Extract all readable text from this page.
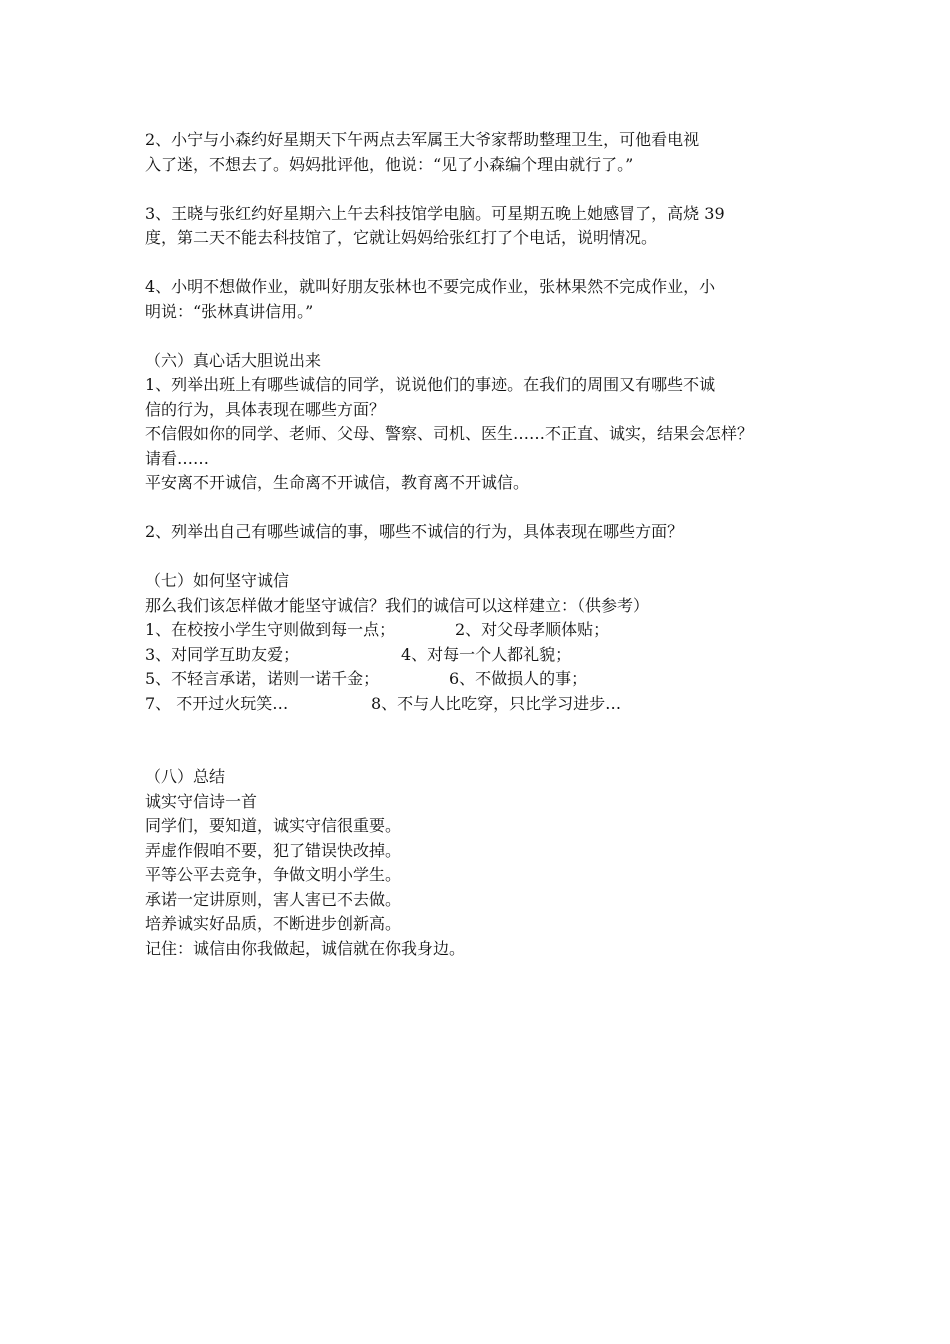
2、小宁与小森约好星期天下午两点去军属王大爷家帮助整理卫生，可他看电视

入了迷，不想去了。妈妈批评他，他说：“见了小森编个理由就行了。”

3、王晓与张红约好星期六上午去科技馆学电脑。可星期五晚上她感冒了，高烧 39

度，第二天不能去科技馆了，它就让妈妈给张红打了个电话，说明情况。

4、小明不想做作业，就叫好朋友张林也不要完成作业，张林果然不完成作业，小

明说：“张林真讲信用。”

（六）真心话大胆说出来

1、列举出班上有哪些诚信的同学，说说他们的事迹。在我们的周围又有哪些不诚

信的行为，具体表现在哪些方面？

不信假如你的同学、老师、父母、警察、司机、医生……不正直、诚实，结果会怎样？

请看……

平安离不开诚信，生命离不开诚信，教育离不开诚信。

2、列举出自己有哪些诚信的事，哪些不诚信的行为，具体表现在哪些方面？

（七）如何坚守诚信

那么我们该怎样做才能坚守诚信？我们的诚信可以这样建立：（供参考）

1、在校按小学生守则做到每一点；	2、对父母孝顺体贴；
3、对同学互助友爱；	4、对每一个人都礼貌；
5、不轻言承诺，诺则一诺千金；	6、不做损人的事；
7、 不开过火玩笑…	8、不与人比吃穿，只比学习进步…

（八）总结

诚实守信诗一首

同学们，要知道，诚实守信很重要。

弄虚作假咱不要，犯了错误快改掉。

平等公平去竞争，争做文明小学生。

承诺一定讲原则，害人害已不去做。

培养诚实好品质，不断进步创新高。

记住：诚信由你我做起，诚信就在你我身边。
